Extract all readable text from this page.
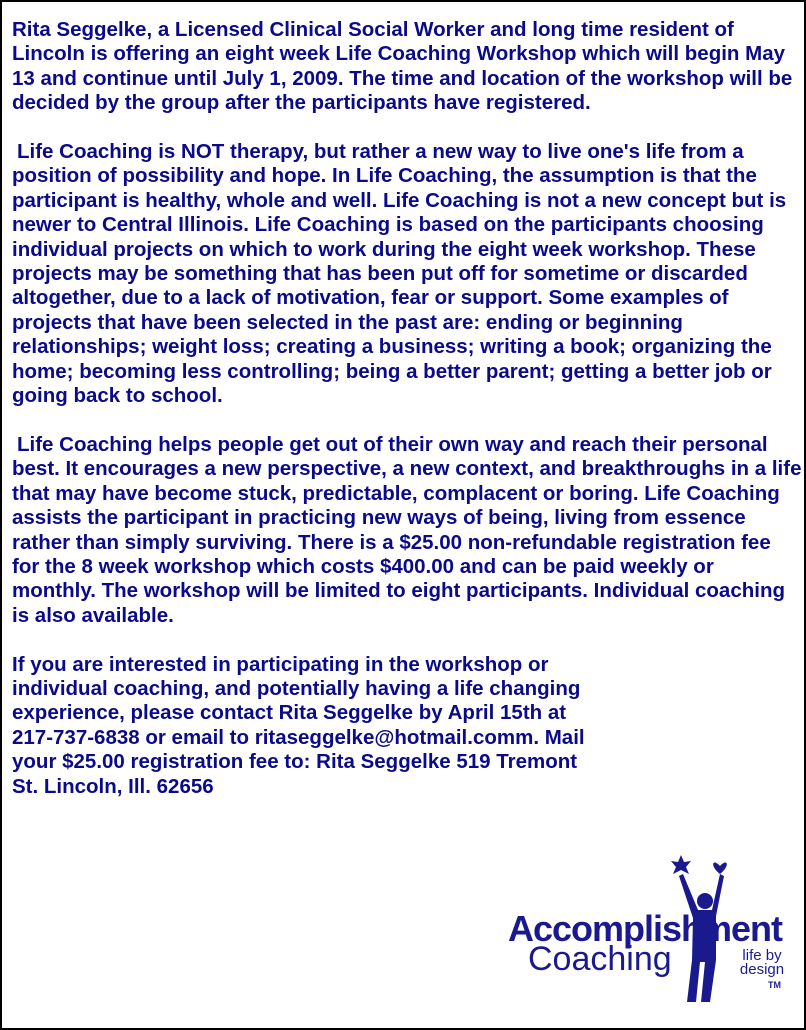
Rita Seggelke, a Licensed Clinical Social Worker and long time resident of Lincoln is offering an eight week Life Coaching Workshop which will begin May 13 and continue until July 1, 2009. The time and location of the workshop will be decided by the group after the participants have registered.

Life Coaching is NOT therapy, but rather a new way to live one's life from a position of possibility and hope. In Life Coaching, the assumption is that the participant is healthy, whole and well. Life Coaching is not a new concept but is newer to Central Illinois. Life Coaching is based on the participants choosing individual projects on which to work during the eight week workshop. These projects may be something that has been put off for sometime or discarded altogether, due to a lack of motivation, fear or support. Some examples of projects that have been selected in the past are: ending or beginning relationships; weight loss; creating a business; writing a book; organizing the home; becoming less controlling; being a better parent; getting a better job or going back to school.

Life Coaching helps people get out of their own way and reach their personal best. It encourages a new perspective, a new context, and breakthroughs in a life that may have become stuck, predictable, complacent or boring. Life Coaching assists the participant in practicing new ways of being, living from essence rather than simply surviving. There is a $25.00 non-refundable registration fee for the 8 week workshop which costs $400.00 and can be paid weekly or monthly. The workshop will be limited to eight participants. Individual coaching is also available.

If you are interested in participating in the workshop or individual coaching, and potentially having a life changing experience, please contact Rita Seggelke by April 15th at 217-737-6838 or email to ritaseggelke@hotmail.comm. Mail your $25.00 registration fee to: Rita Seggelke 519 Tremont St. Lincoln, Ill. 62656

Accomplish
ment
Coaching	life by design
TM
